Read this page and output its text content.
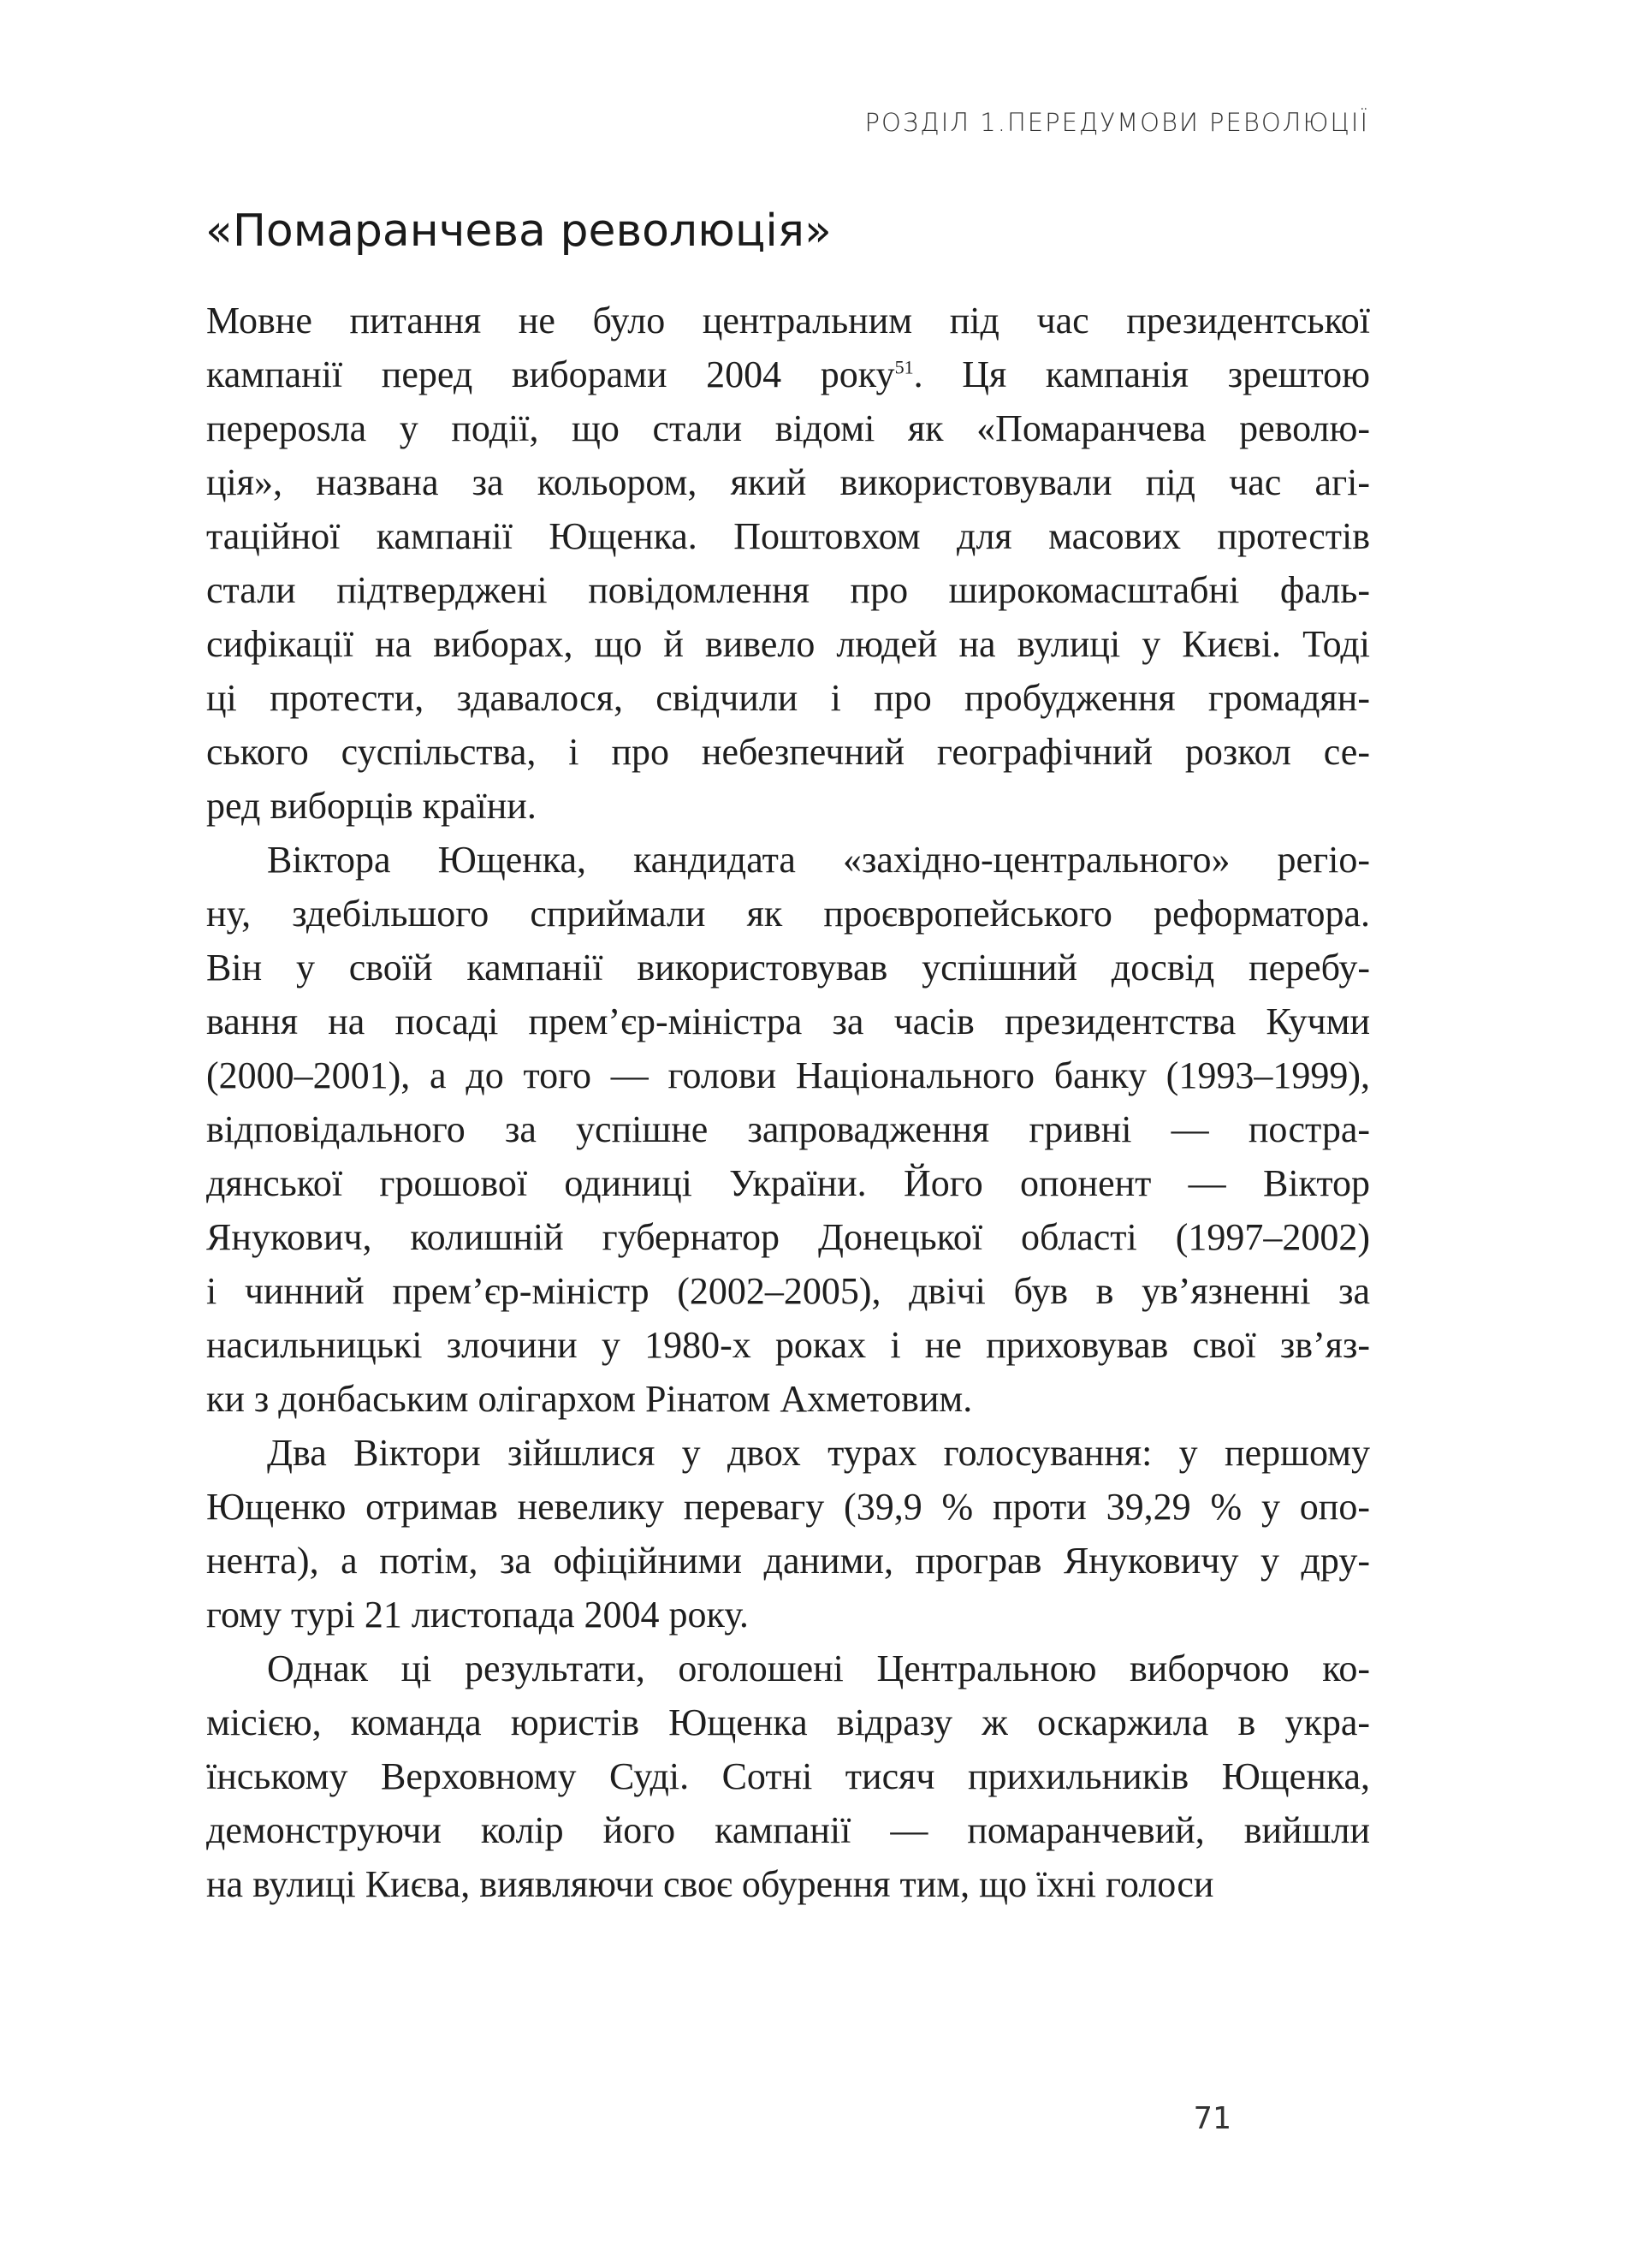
РОЗДІЛ 1.ПЕРЕДУМОВИ РЕВОЛЮЦІЇ
«Помаранчева революція»
Мовне питання не було центральним під час президентської
кампанії перед виборами 2004 року$^{51}$. Ця кампанія зрештою
перерosла у події, що стали відомі як «Помаранчева револю-
ція», названа за кольором, який використовували під час агі-
таційної кампанії Ющенка. Поштовхом для масових протестів
стали підтверджені повідомлення про широкомасштабні фаль-
сифікації на виборах, що й вивело людей на вулиці у Києві. Тоді
ці протести, здавалося, свідчили і про пробудження громадян-
ського суспільства, і про небезпечний географічний розкол се-
ред виборців країни.
Віктора Ющенка, кандидата «західно-центрального» регіо-
ну, здебільшого сприймали як проєвропейського реформатора.
Він у своїй кампанії використовував успішний досвід перебу-
вання на посаді прем’єр-міністра за часів президентства Кучми
(2000–2001), а до того — голови Національного банку (1993–1999),
відповідального за успішне запровадження гривні — постра-
дянської грошової одиниці України. Його опонент — Віктор
Янукович, колишній губернатор Донецької області (1997–2002)
і чинний прем’єр-міністр (2002–2005), двічі був в ув’язненні за
насильницькі злочини у 1980-х роках і не приховував свої зв’яз-
ки з донбаським олігархом Рінатом Ахметовим.
Два Віктори зійшлися у двох турах голосування: у першому
Ющенко отримав невелику перевагу (39,9 % проти 39,29 % у опо-
нента), а потім, за офіційними даними, програв Януковичу у дру-
гому турі 21 листопада 2004 року.
Однак ці результати, оголошені Центральною виборчою ко-
місією, команда юристів Ющенка відразу ж оскаржила в укра-
їнському Верховному Суді. Сотні тисяч прихильників Ющенка,
демонструючи колір його кампанії — помаранчевий, вийшли
на вулиці Києва, виявляючи своє обурення тим, що їхні голоси
71
